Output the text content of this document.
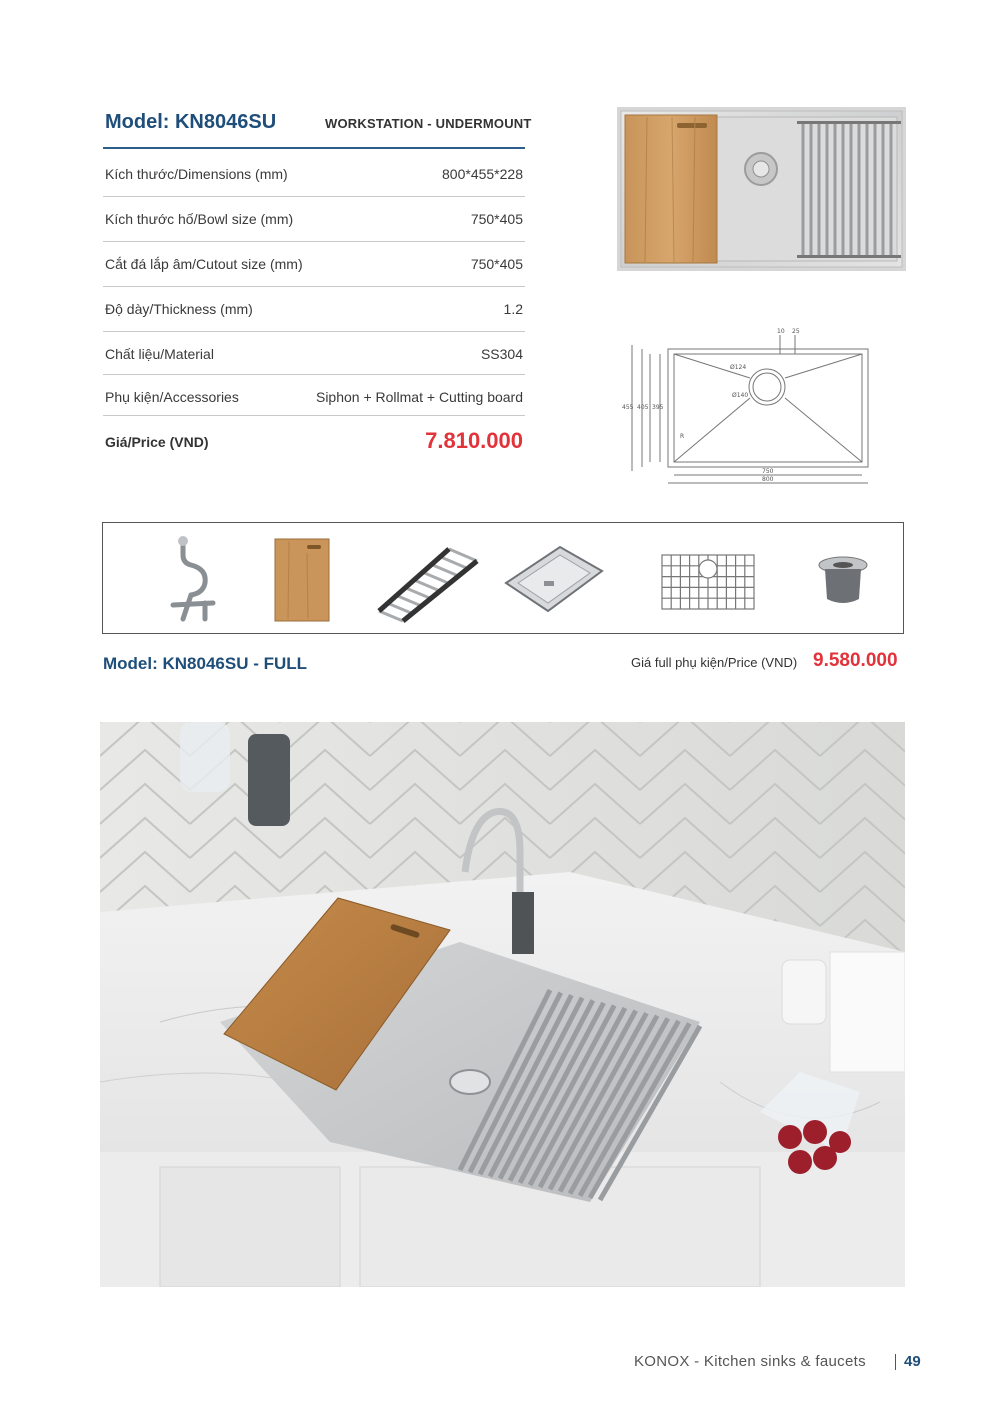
Model: KN8046SU	WORKSTATION - UNDERMOUNT
Kích thước/Dimensions (mm)	800*455*228
Kích thước hố/Bowl size (mm)	750*405
Cắt đá lắp âm/Cutout size (mm)	750*405
Độ dày/Thickness (mm)	1.2
Chất liệu/Material	SS304
Phụ kiện/Accessories	Siphon + Rollmat + Cutting board
Giá/Price (VND)	7.810.000
10 25
Ø124
Ø140
455 405 395
750
800
R
Model: KN8046SU - FULL	Giá full phụ kiện/Price (VND) 9.580.000
KONOX - Kitchen sinks & faucets	49
